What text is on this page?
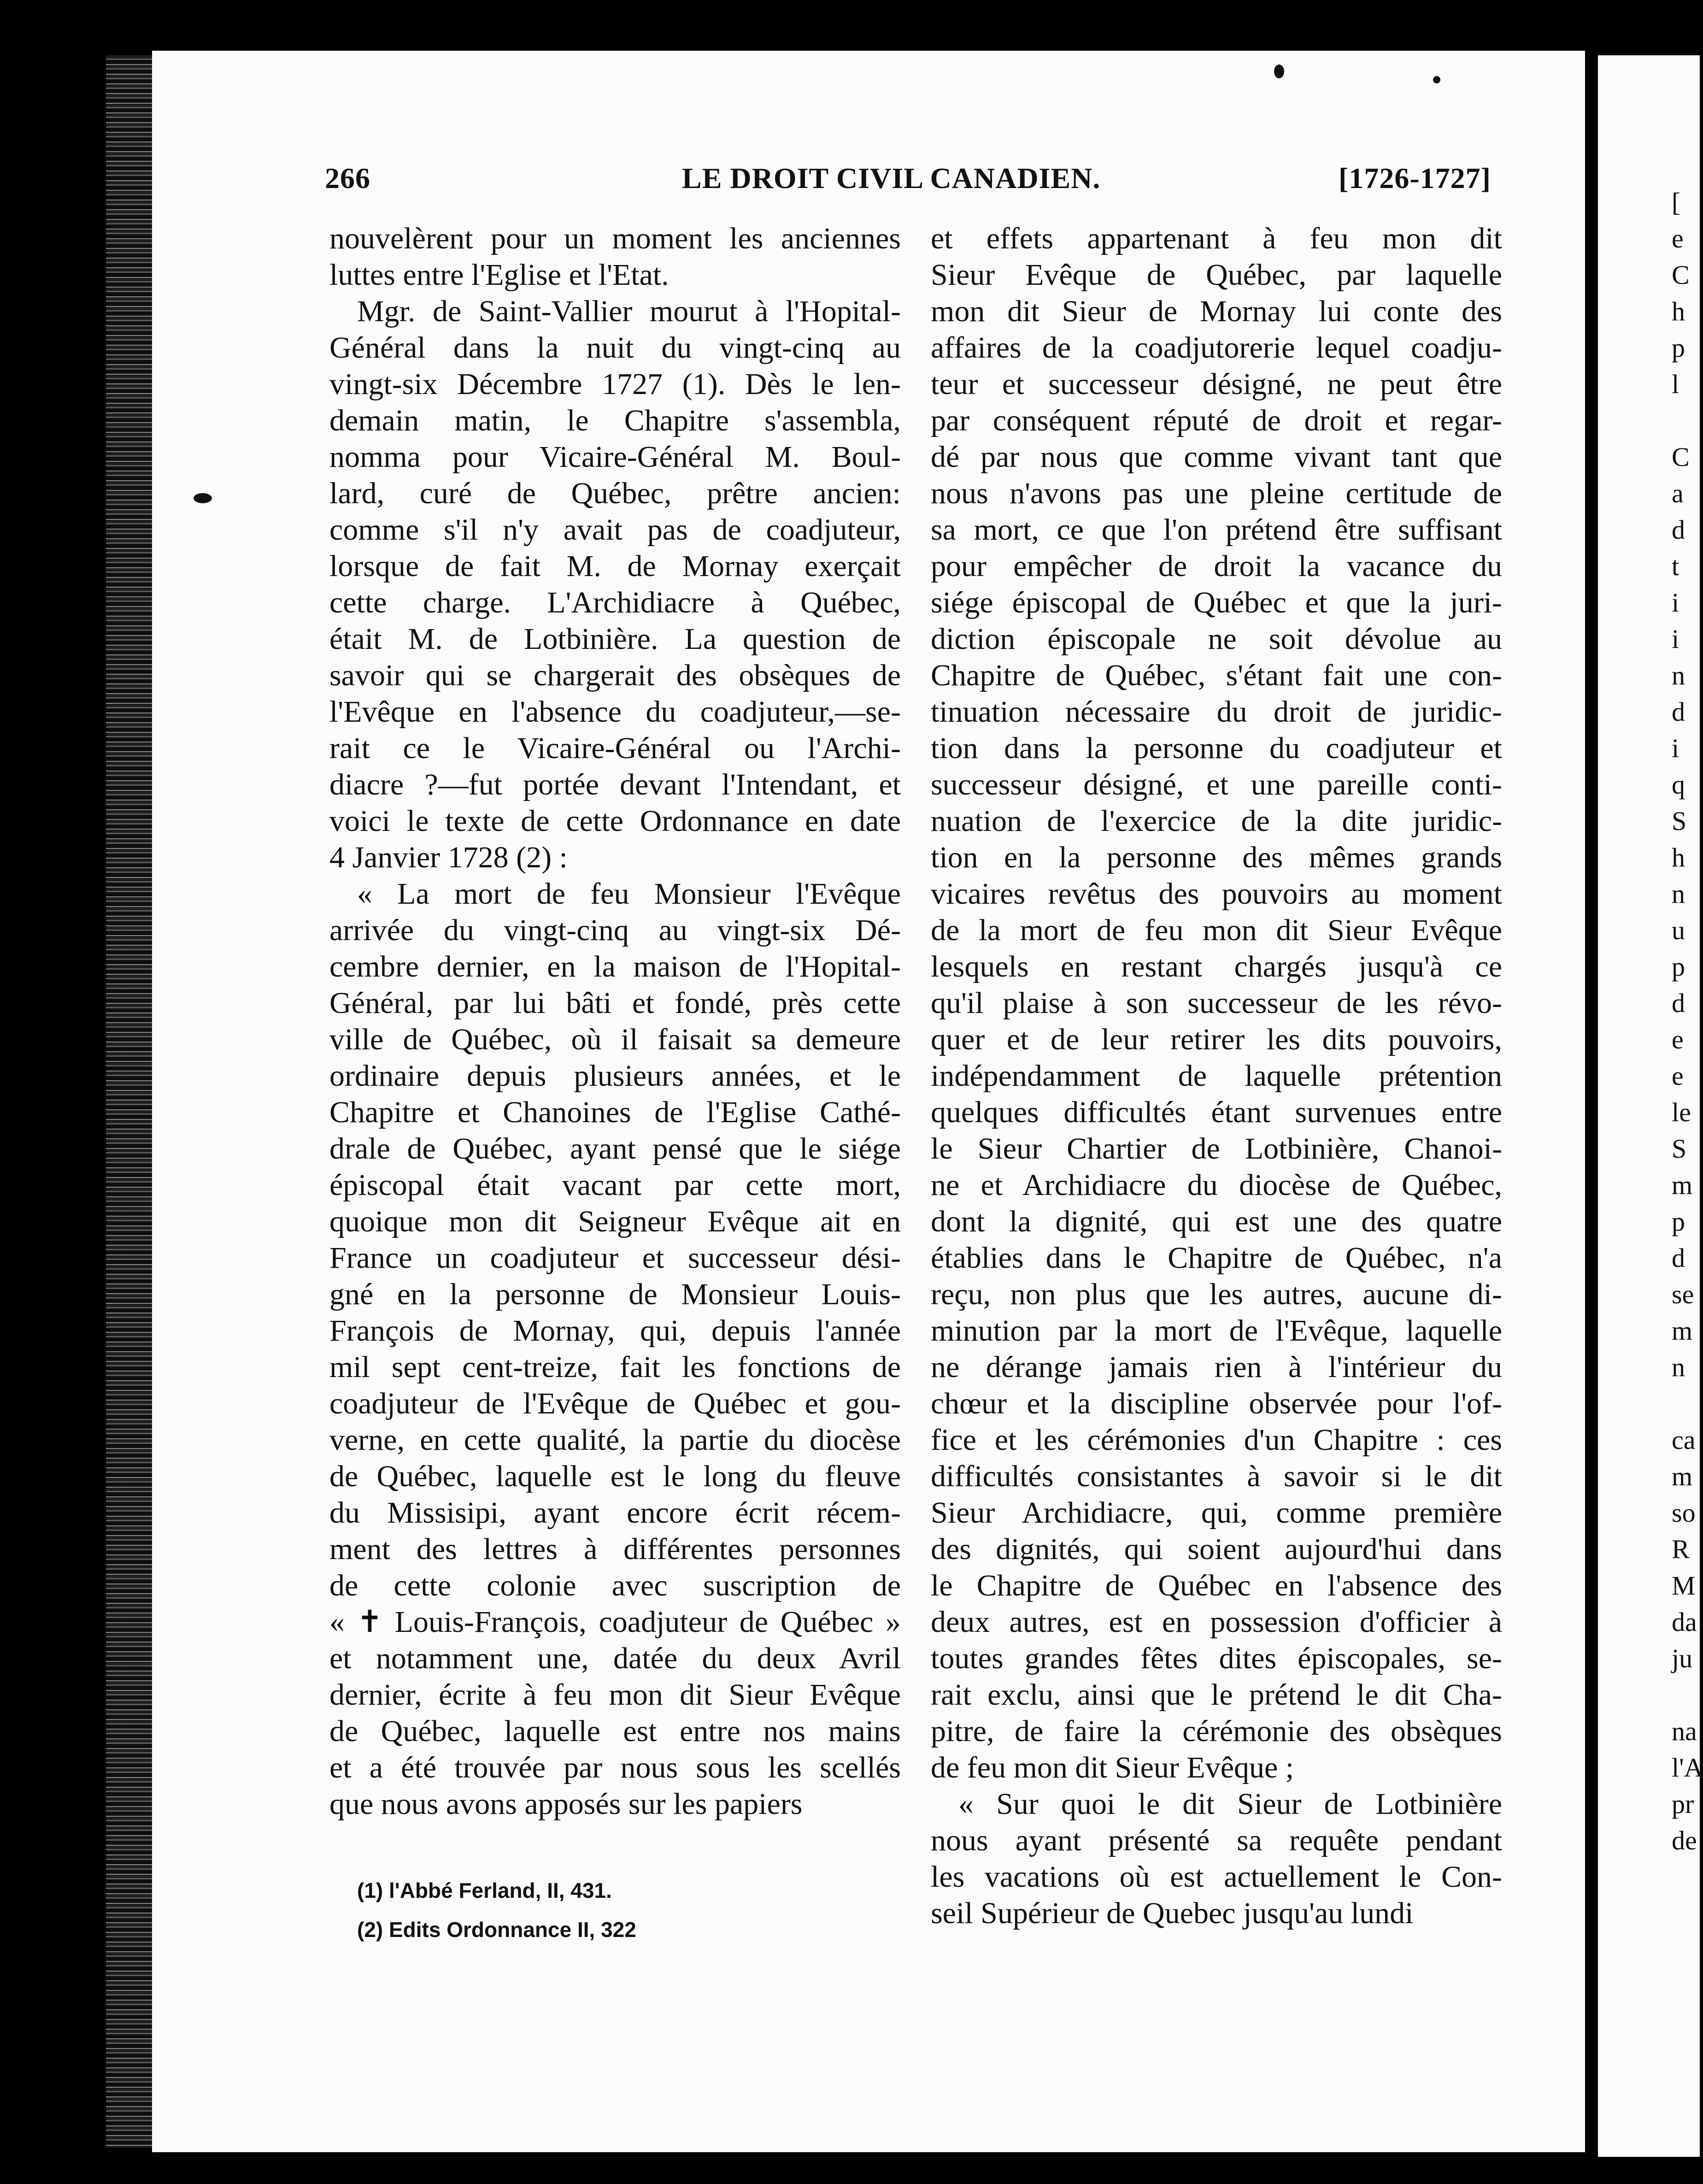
266	LE DROIT CIVIL CANADIEN.	[1726-1727]
nouvelèrent pour un moment les anciennes
luttes entre l'Eglise et l'Etat.
Mgr. de Saint-Vallier mourut à l'Hopital-
Général dans la nuit du vingt-cinq au
vingt-six Décembre 1727 (1). Dès le len-
demain matin, le Chapitre s'assembla,
nomma pour Vicaire-Général M. Boul-
lard, curé de Québec, prêtre ancien:
comme s'il n'y avait pas de coadjuteur,
lorsque de fait M. de Mornay exerçait
cette charge. L'Archidiacre à Québec,
était M. de Lotbinière. La question de
savoir qui se chargerait des obsèques de
l'Evêque en l'absence du coadjuteur,—se-
rait ce le Vicaire-Général ou l'Archi-
diacre ?—fut portée devant l'Intendant, et
voici le texte de cette Ordonnance en date
4 Janvier 1728 (2) :
« La mort de feu Monsieur l'Evêque
arrivée du vingt-cinq au vingt-six Dé-
cembre dernier, en la maison de l'Hopital-
Général, par lui bâti et fondé, près cette
ville de Québec, où il faisait sa demeure
ordinaire depuis plusieurs années, et le
Chapitre et Chanoines de l'Eglise Cathé-
drale de Québec, ayant pensé que le siége
épiscopal était vacant par cette mort,
quoique mon dit Seigneur Evêque ait en
France un coadjuteur et successeur dési-
gné en la personne de Monsieur Louis-
François de Mornay, qui, depuis l'année
mil sept cent-treize, fait les fonctions de
coadjuteur de l'Evêque de Québec et gou-
verne, en cette qualité, la partie du diocèse
de Québec, laquelle est le long du fleuve
du Missisipi, ayant encore écrit récem-
ment des lettres à différentes personnes
de cette colonie avec suscription de
« ✝ Louis-François, coadjuteur de Québec »
et notamment une, datée du deux Avril
dernier, écrite à feu mon dit Sieur Evêque
de Québec, laquelle est entre nos mains
et a été trouvée par nous sous les scellés
que nous avons apposés sur les papiers
et effets appartenant à feu mon dit
Sieur Evêque de Québec, par laquelle
mon dit Sieur de Mornay lui conte des
affaires de la coadjutorerie lequel coadju-
teur et successeur désigné, ne peut être
par conséquent réputé de droit et regar-
dé par nous que comme vivant tant que
nous n'avons pas une pleine certitude de
sa mort, ce que l'on prétend être suffisant
pour empêcher de droit la vacance du
siége épiscopal de Québec et que la juri-
diction épiscopale ne soit dévolue au
Chapitre de Québec, s'étant fait une con-
tinuation nécessaire du droit de juridic-
tion dans la personne du coadjuteur et
successeur désigné, et une pareille conti-
nuation de l'exercice de la dite juridic-
tion en la personne des mêmes grands
vicaires revêtus des pouvoirs au moment
de la mort de feu mon dit Sieur Evêque
lesquels en restant chargés jusqu'à ce
qu'il plaise à son successeur de les révo-
quer et de leur retirer les dits pouvoirs,
indépendamment de laquelle prétention
quelques difficultés étant survenues entre
le Sieur Chartier de Lotbinière, Chanoi-
ne et Archidiacre du diocèse de Québec,
dont la dignité, qui est une des quatre
établies dans le Chapitre de Québec, n'a
reçu, non plus que les autres, aucune di-
minution par la mort de l'Evêque, laquelle
ne dérange jamais rien à l'intérieur du
chœur et la discipline observée pour l'of-
fice et les cérémonies d'un Chapitre : ces
difficultés consistantes à savoir si le dit
Sieur Archidiacre, qui, comme première
des dignités, qui soient aujourd'hui dans
le Chapitre de Québec en l'absence des
deux autres, est en possession d'officier à
toutes grandes fêtes dites épiscopales, se-
rait exclu, ainsi que le prétend le dit Cha-
pitre, de faire la cérémonie des obsèques
de feu mon dit Sieur Evêque ;
« Sur quoi le dit Sieur de Lotbinière
nous ayant présenté sa requête pendant
les vacations où est actuellement le Con-
seil Supérieur de Quebec jusqu'au lundi
(1) l'Abbé Ferland, II, 431.
(2) Edits Ordonnance II, 322
[
e
C
h
p
l
C
a
d
t
i
i
n
d
i
q
S
h
n
u
p
d
e
e
le
S
m
p
d
se
m
n
ca
m
so
R
M
da
ju
na
l'A
pr
de
